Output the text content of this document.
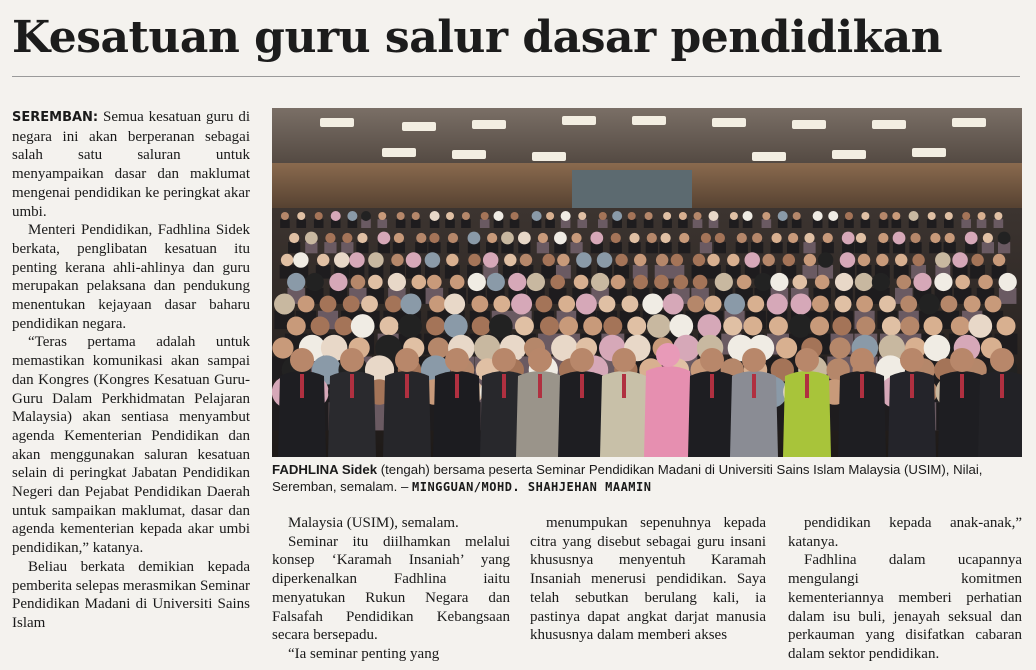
Kesatuan guru salur dasar pendidikan

SEREMBAN: Semua kesatuan guru di negara ini akan berperanan sebagai salah satu saluran untuk menyampaikan dasar dan maklumat mengenai pendidikan ke peringkat akar umbi.

Menteri Pendidikan, Fadhlina Sidek berkata, penglibatan kesatuan itu penting kerana ahli-ahlinya dan guru merupakan pelaksana dan pendukung menentukan kejayaan dasar baharu pendidikan negara.

“Teras pertama adalah untuk memastikan komunikasi akan sampai dan Kongres (Kongres Kesatuan Guru-Guru Dalam Perkhidmatan Pelajaran Malaysia) akan sentiasa menyambut agenda Kementerian Pendidikan dan akan menggunakan saluran kesatuan selain di peringkat Jabatan Pendidikan Negeri dan Pejabat Pendidikan Daerah untuk sampaikan maklumat, dasar dan agenda kementerian kepada akar umbi pendidikan,” katanya.

Beliau berkata demikian kepada pemberita selepas merasmikan Seminar Pendidikan Madani di Universiti Sains Islam

FADHLINA Sidek (tengah) bersama peserta Seminar Pendidikan Madani di Universiti Sains Islam Malaysia (USIM), Nilai, Seremban, semalam. – MINGGUAN/MOHD. SHAHJEHAN MAAMIN

Malaysia (USIM), semalam.

Seminar itu diilhamkan melalui konsep ‘Karamah Insaniah’ yang diperkenalkan Fadhlina iaitu menyatukan Rukun Negara dan Falsafah Pendidikan Kebangsaan secara bersepadu.

“Ia seminar penting yang

menumpukan sepenuhnya kepada citra yang disebut sebagai guru insani khususnya menyentuh Karamah Insaniah menerusi pendidikan. Saya telah sebutkan berulang kali, ia pastinya dapat angkat darjat manusia khususnya dalam memberi akses

pendidikan kepada anak-anak,” katanya.

Fadhlina dalam ucapannya mengulangi komitmen kementeriannya memberi perhatian dalam isu buli, jenayah seksual dan perkauman yang disifatkan cabaran dalam sektor pendidikan.
